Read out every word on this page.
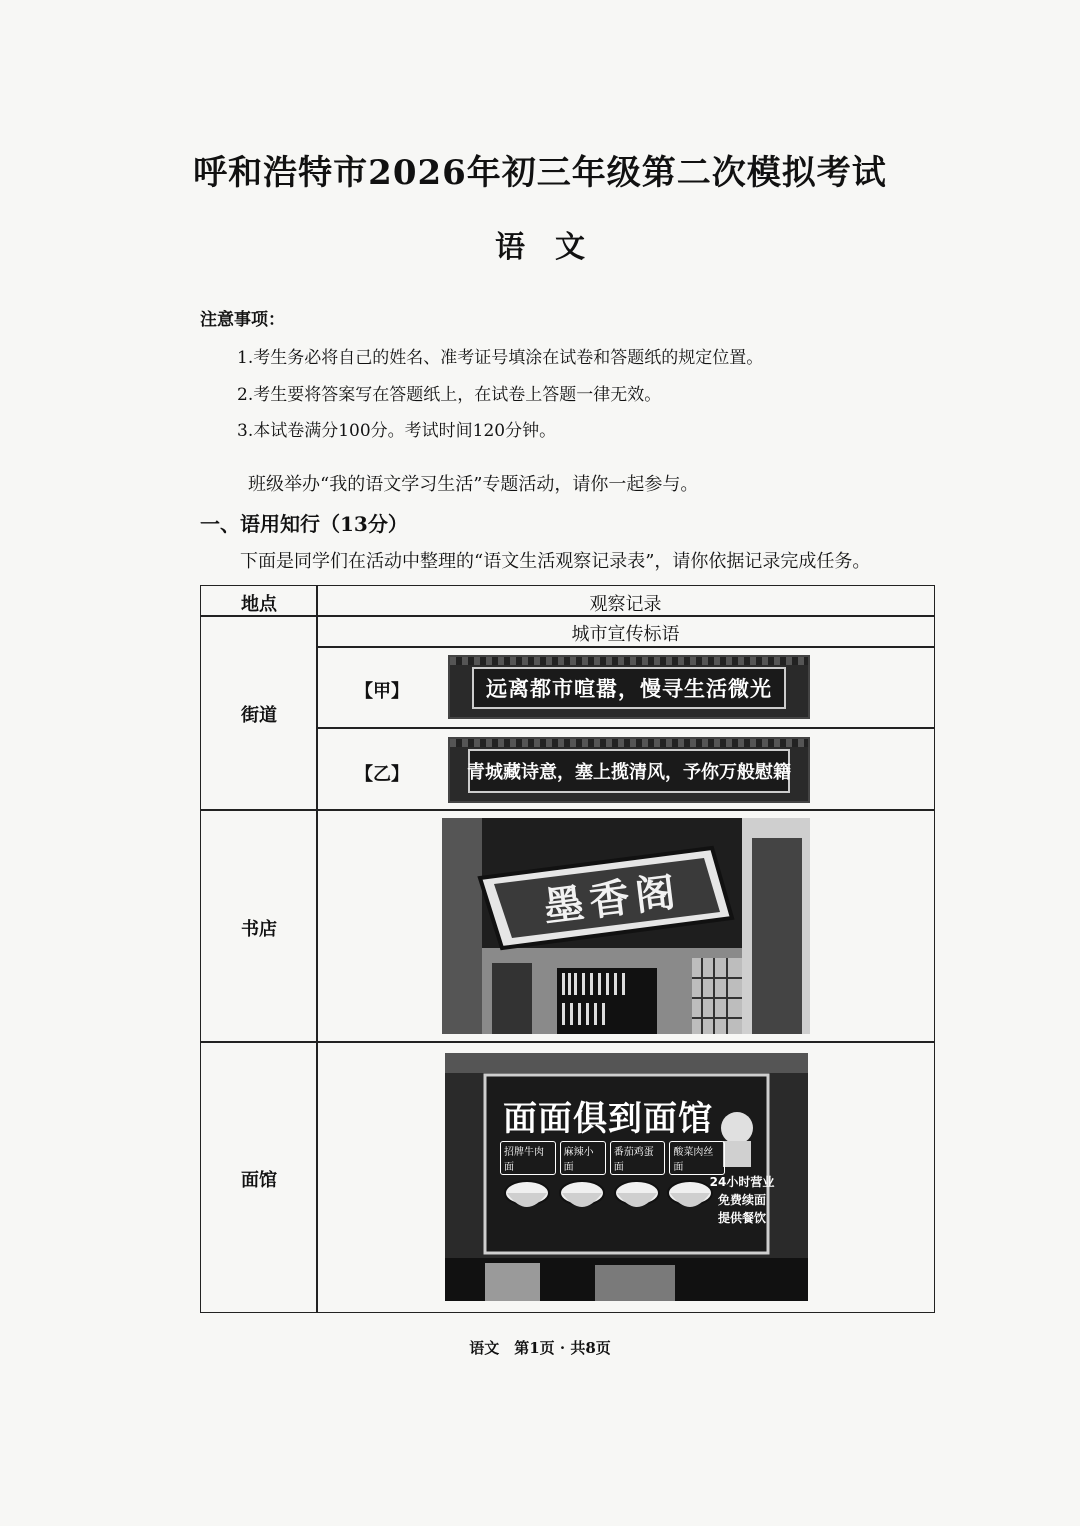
呼和浩特市2026年初三年级第二次模拟考试
语文
注意事项：
1.考生务必将自己的姓名、准考证号填涂在试卷和答题纸的规定位置。
2.考生要将答案写在答题纸上，在试卷上答题一律无效。
3.本试卷满分100分。考试时间120分钟。
班级举办“我的语文学习生活”专题活动，请你一起参与。
一、语用知行（13分）
下面是同学们在活动中整理的“语文生活观察记录表”，请你依据记录完成任务。
地点	观察记录
街道
城市宣传标语
【甲】
【乙】
远离都市喧嚣，慢寻生活微光
青城藏诗意，塞上揽清风，予你万般慰籍
书店	墨香阁
面馆
面面俱到面馆
招牌牛肉面
麻辣小面
番茄鸡蛋面
酸菜肉丝面
24小时营业
免费续面
提供餐饮
语文　第1页 · 共8页
